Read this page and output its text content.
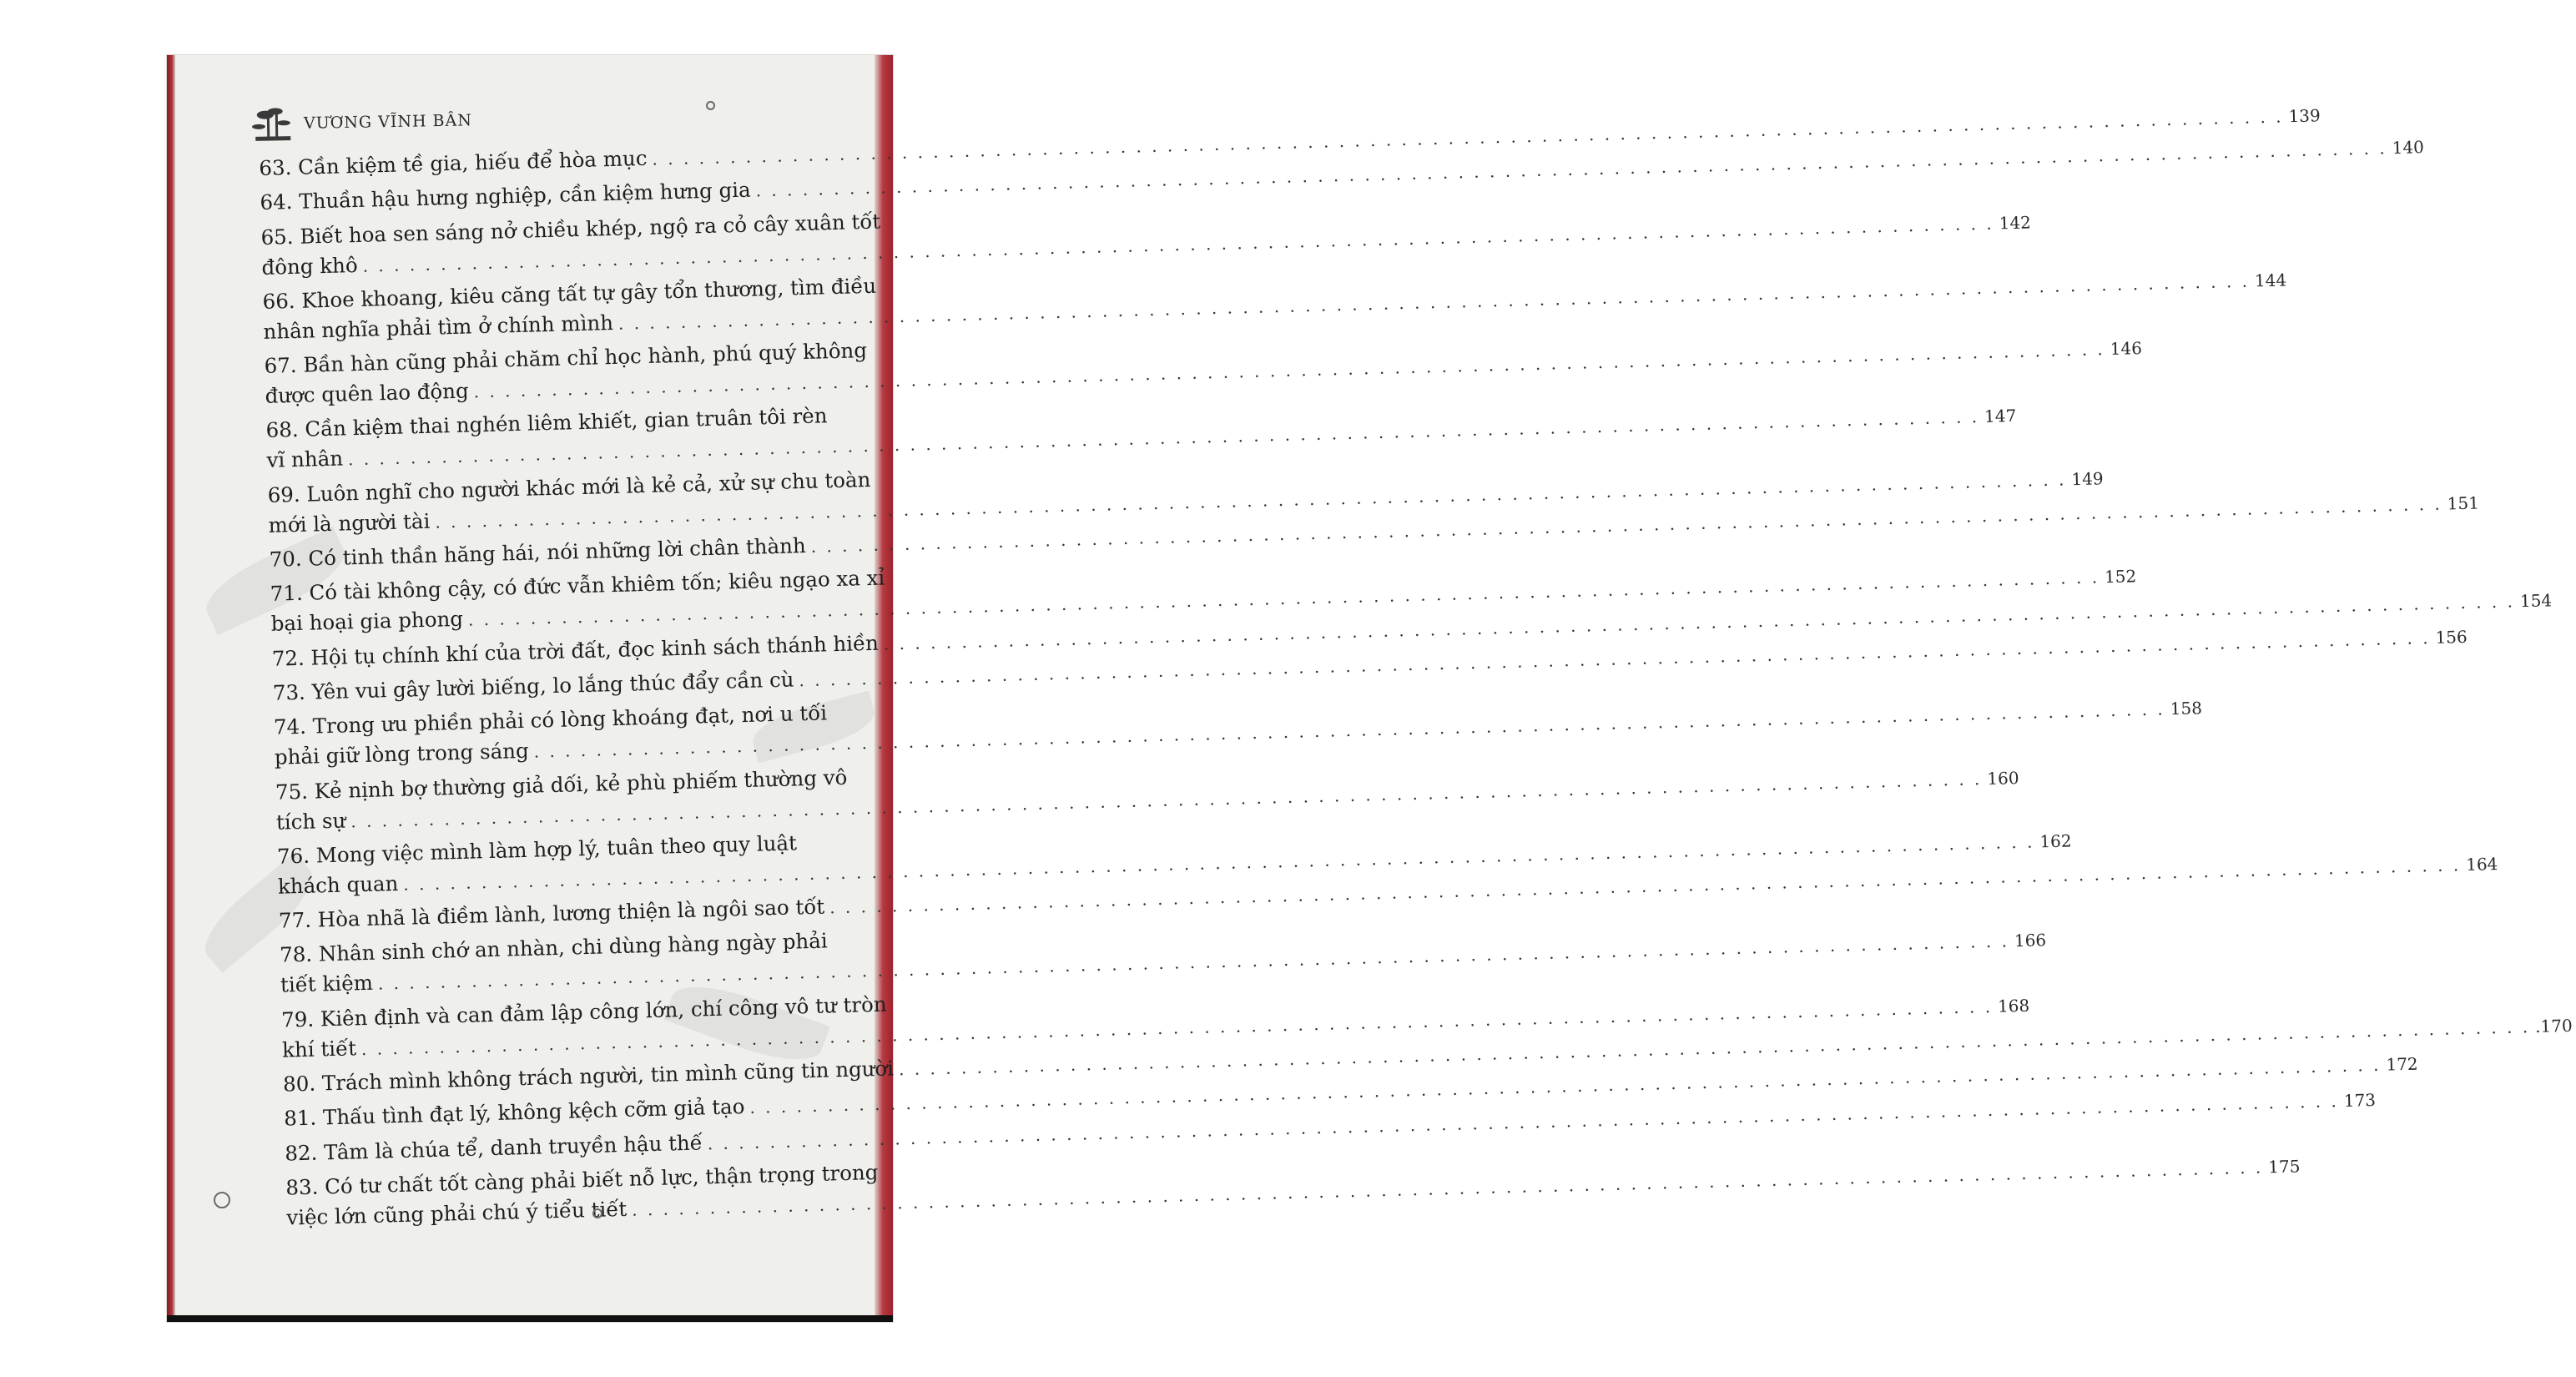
VƯƠNG VĨNH BÂN
63. Cần kiệm tề gia, hiếu để hòa mục
. . .
139
64. Thuần hậu hưng nghiệp, cần kiệm hưng gia
. . .
140
65. Biết hoa sen sáng nở chiều khép, ngộ ra cỏ cây xuân tốt
đông khô
. . .
142
66. Khoe khoang, kiêu căng tất tự gây tổn thương, tìm điều
nhân nghĩa phải tìm ở chính mình
. . .
144
67. Bần hàn cũng phải chăm chỉ học hành, phú quý không
được quên lao động
. . .
146
68. Cần kiệm thai nghén liêm khiết, gian truân tôi rèn
vĩ nhân
. . .
147
69. Luôn nghĩ cho người khác mới là kẻ cả, xử sự chu toàn
mới là người tài
. . .
149
70. Có tinh thần hăng hái, nói những lời chân thành
. . .
151
71. Có tài không cậy, có đức vẫn khiêm tốn; kiêu ngạo xa xỉ
bại hoại gia phong
. . .
152
72. Hội tụ chính khí của trời đất, đọc kinh sách thánh hiền
. . .
154
73. Yên vui gây lười biếng, lo lắng thúc đẩy cần cù
. . .
156
74. Trong ưu phiền phải có lòng khoáng đạt, nơi u tối
phải giữ lòng trong sáng
. . .
158
75. Kẻ nịnh bợ thường giả dối, kẻ phù phiếm thường vô
tích sự
. . .
160
76. Mong việc mình làm hợp lý, tuân theo quy luật
khách quan
. . .
162
77. Hòa nhã là điềm lành, lương thiện là ngôi sao tốt
. . .
164
78. Nhân sinh chớ an nhàn, chi dùng hàng ngày phải
tiết kiệm
. . .
166
79. Kiên định và can đảm lập công lớn, chí công vô tư tròn
khí tiết
. . .
168
80. Trách mình không trách người, tin mình cũng tin người
. . .
.170
81. Thấu tình đạt lý, không kệch cỡm giả tạo
. . .
172
82. Tâm là chúa tể, danh truyền hậu thế
. . .
173
83. Có tư chất tốt càng phải biết nỗ lực, thận trọng trong
việc lớn cũng phải chú ý tiểu tiết
. . .
175
